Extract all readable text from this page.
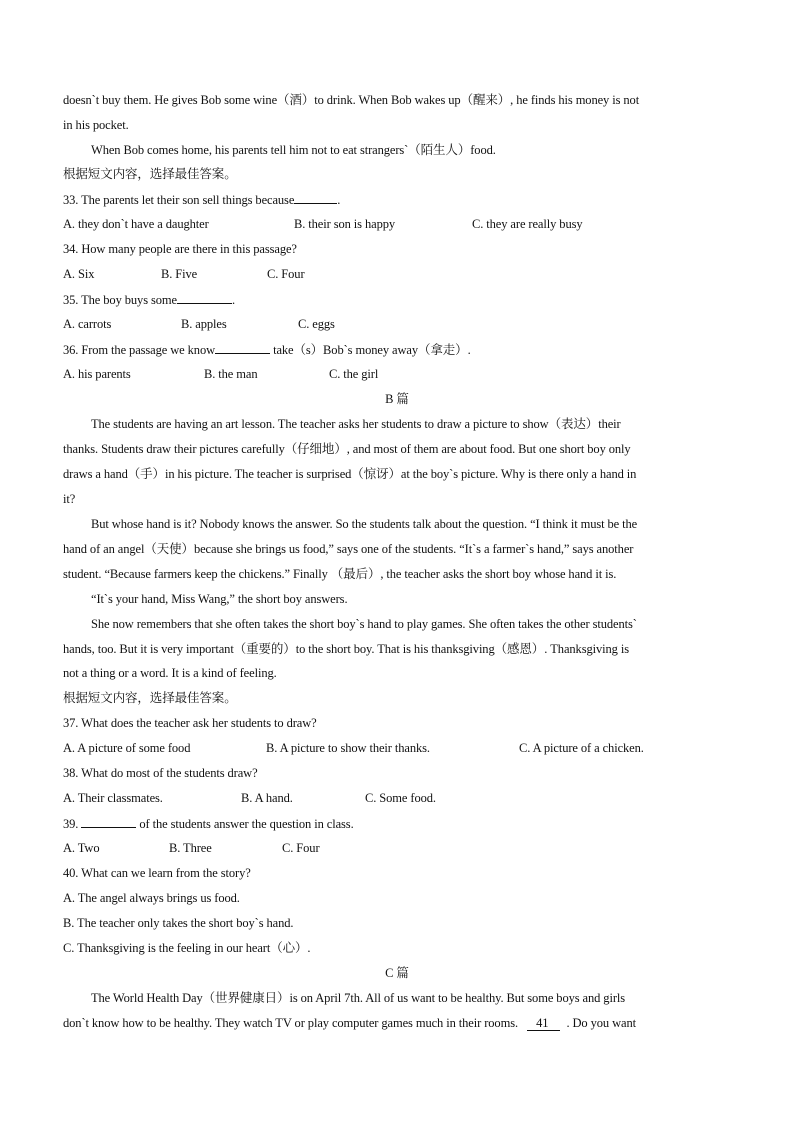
doesn`t buy them. He gives Bob some wine（酒）to drink. When Bob wakes up（醒来）, he finds his money is not
in his pocket.
When Bob comes home, his parents tell him not to eat strangers`（陌生人）food.
根据短文内容，选择最佳答案。
33. The parents let their son sell things because	.
A. they don`t have a daughter	B. their son is happy	C. they are really busy
34. How many people are there in this passage?
A. Six	B. Five	C. Four
35. The boy buys some	.
A. carrots	B. apples	C. eggs
36. From the passage we know	take（s）Bob`s money away（拿走）.
A. his parents	B. the man	C. the girl
B 篇
The students are having an art lesson. The teacher asks her students to draw a picture to show（表达）their
thanks. Students draw their pictures carefully（仔细地）, and most of them are about food. But one short boy only
draws a hand（手）in his picture. The teacher is surprised（惊讶）at the boy`s picture. Why is there only a hand in
it?
But whose hand is it? Nobody knows the answer. So the students talk about the question. “I think it must be the
hand of an angel（天使）because she brings us food,” says one of the students. “It`s a farmer`s hand,” says another
student. “Because farmers keep the chickens.” Finally （最后）, the teacher asks the short boy whose hand it is.
“It`s your hand, Miss Wang,” the short boy answers.
She now remembers that she often takes the short boy`s hand to play games. She often takes the other students`
hands, too. But it is very important（重要的）to the short boy. That is his thanksgiving（感恩）. Thanksgiving is
not a thing or a word. It is a kind of feeling.
根据短文内容，选择最佳答案。
37. What does the teacher ask her students to draw?
A. A picture of some food	B. A picture to show their thanks.	C. A picture of a chicken.
38. What do most of the students draw?
A. Their classmates.	B. A hand.	C. Some food.
39.	of the students answer the question in class.
A. Two	B. Three	C. Four
40. What can we learn from the story?
A. The angel always brings us food.
B. The teacher only takes the short boy`s hand.
C. Thanksgiving is the feeling in our heart（心）.
C 篇
The World Health Day（世界健康日）is on April 7th. All of us want to be healthy. But some boys and girls
don`t know how to be healthy. They watch TV or play computer games much in their rooms. 41 . Do you want
